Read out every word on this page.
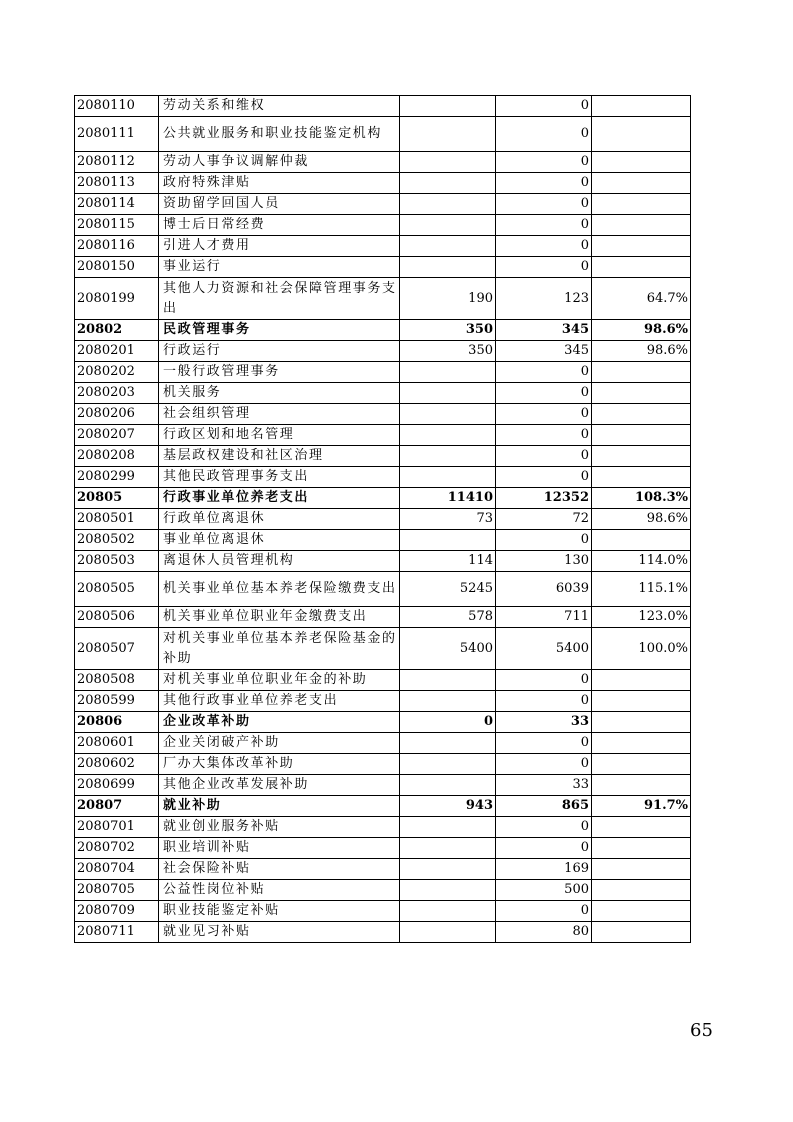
2080110	劳动关系和维权		0	
2080111	公共就业服务和职业技能鉴定机构		0	
2080112	劳动人事争议调解仲裁		0	
2080113	政府特殊津贴		0	
2080114	资助留学回国人员		0	
2080115	博士后日常经费		0	
2080116	引进人才费用		0	
2080150	事业运行		0	
2080199	其他人力资源和社会保障管理事务支出	190	123	64.7%
20802	民政管理事务	350	345	98.6%
2080201	行政运行	350	345	98.6%
2080202	一般行政管理事务		0	
2080203	机关服务		0	
2080206	社会组织管理		0	
2080207	行政区划和地名管理		0	
2080208	基层政权建设和社区治理		0	
2080299	其他民政管理事务支出		0	
20805	行政事业单位养老支出	11410	12352	108.3%
2080501	行政单位离退休	73	72	98.6%
2080502	事业单位离退休		0	
2080503	离退休人员管理机构	114	130	114.0%
2080505	机关事业单位基本养老保险缴费支出	5245	6039	115.1%
2080506	机关事业单位职业年金缴费支出	578	711	123.0%
2080507	对机关事业单位基本养老保险基金的补助	5400	5400	100.0%
2080508	对机关事业单位职业年金的补助		0	
2080599	其他行政事业单位养老支出		0	
20806	企业改革补助	0	33	
2080601	企业关闭破产补助		0	
2080602	厂办大集体改革补助		0	
2080699	其他企业改革发展补助		33	
20807	就业补助	943	865	91.7%
2080701	就业创业服务补贴		0	
2080702	职业培训补贴		0	
2080704	社会保险补贴		169	
2080705	公益性岗位补贴		500	
2080709	职业技能鉴定补贴		0	
2080711	就业见习补贴		80	
65
